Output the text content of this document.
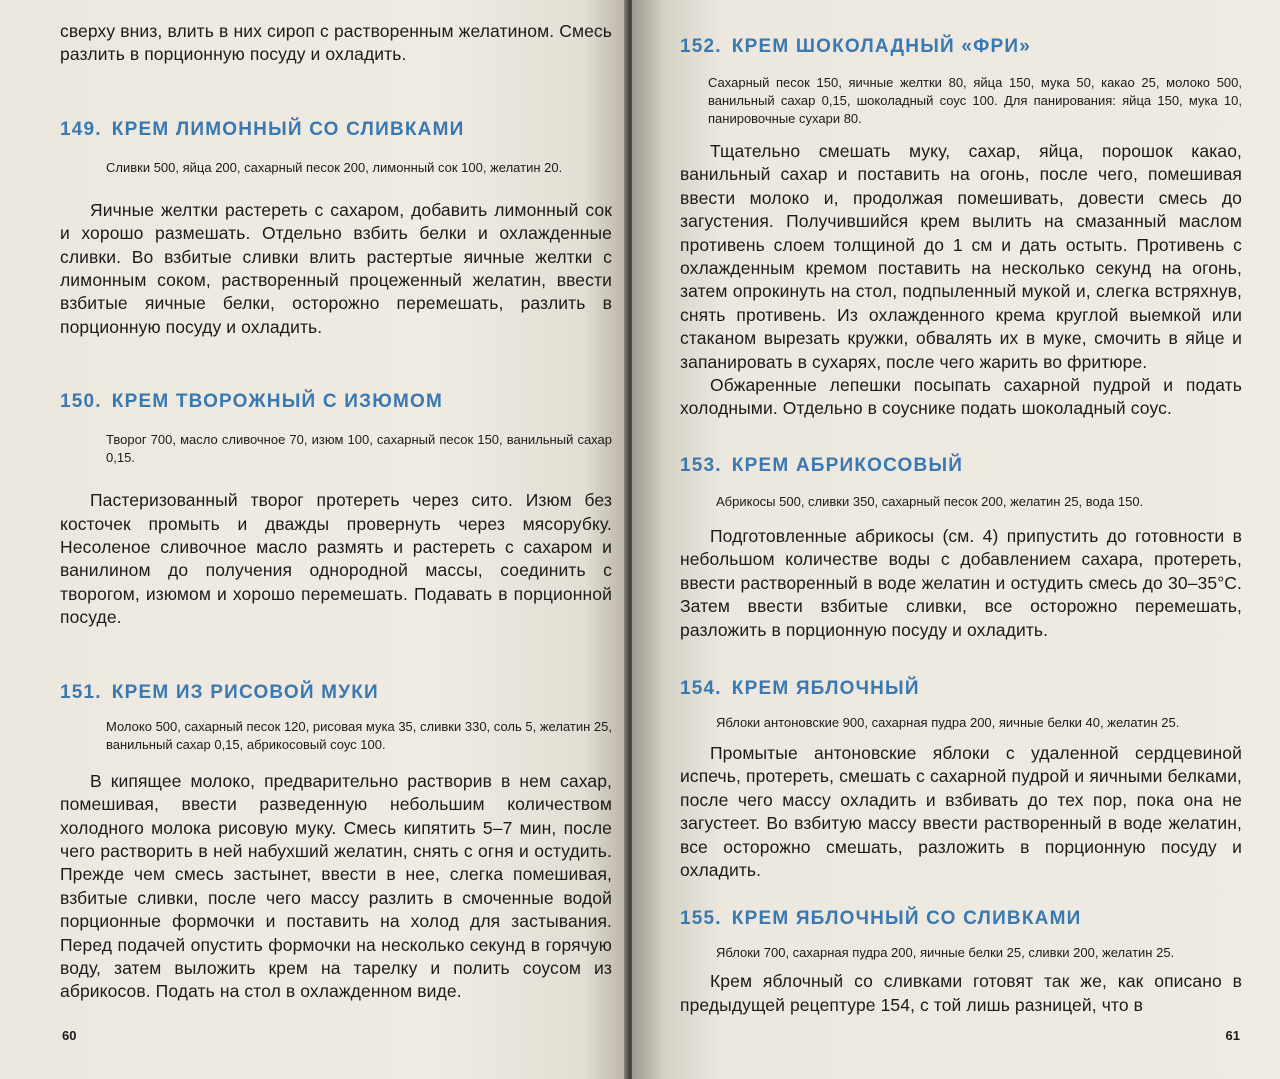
сверху вниз, влить в них сироп с растворенным желатином. Смесь разлить в порционную посуду и охладить.

149. КРЕМ ЛИМОННЫЙ СО СЛИВКАМИ

Сливки 500, яйца 200, сахарный песок 200, лимонный сок 100, желатин 20.

Яичные желтки растереть с сахаром, добавить лимонный сок и хорошо размешать. Отдельно взбить белки и охлажденные сливки. Во взбитые сливки влить растертые яичные желтки с лимонным соком, растворенный процеженный желатин, ввести взбитые яичные белки, осторожно перемешать, разлить в порционную посуду и охладить.

150. КРЕМ ТВОРОЖНЫЙ С ИЗЮМОМ

Творог 700, масло сливочное 70, изюм 100, сахарный песок 150, ванильный сахар 0,15.

Пастеризованный творог протереть через сито. Изюм без косточек промыть и дважды провернуть через мясорубку. Несоленое сливочное масло размять и растереть с сахаром и ванилином до получения однородной массы, соединить с творогом, изюмом и хорошо перемешать. Подавать в порционной посуде.

151. КРЕМ ИЗ РИСОВОЙ МУКИ

Молоко 500, сахарный песок 120, рисовая мука 35, сливки 330, соль 5, желатин 25, ванильный сахар 0,15, абрикосовый соус 100.

В кипящее молоко, предварительно растворив в нем сахар, помешивая, ввести разведенную небольшим количеством холодного молока рисовую муку. Смесь кипятить 5–7 мин, после чего растворить в ней набухший желатин, снять с огня и остудить. Прежде чем смесь застынет, ввести в нее, слегка помешивая, взбитые сливки, после чего массу разлить в смоченные водой порционные формочки и поставить на холод для застывания. Перед подачей опустить формочки на несколько секунд в горячую воду, затем выложить крем на тарелку и полить соусом из абрикосов. Подать на стол в охлажденном виде.

60
152. КРЕМ ШОКОЛАДНЫЙ «ФРИ»

Сахарный песок 150, яичные желтки 80, яйца 150, мука 50, какао 25, молоко 500, ванильный сахар 0,15, шоколадный соус 100. Для панирования: яйца 150, мука 10, панировочные сухари 80.

Тщательно смешать муку, сахар, яйца, порошок какао, ванильный сахар и поставить на огонь, после чего, помешивая ввести молоко и, продолжая помешивать, довести смесь до загустения. Получившийся крем вылить на смазанный маслом противень слоем толщиной до 1 см и дать остыть. Противень с охлажденным кремом поставить на несколько секунд на огонь, затем опрокинуть на стол, подпыленный мукой и, слегка встряхнув, снять противень. Из охлажденного крема круглой выемкой или стаканом вырезать кружки, обвалять их в муке, смочить в яйце и запанировать в сухарях, после чего жарить во фритюре.

Обжаренные лепешки посыпать сахарной пудрой и подать холодными. Отдельно в соуснике подать шоколадный соус.

153. КРЕМ АБРИКОСОВЫЙ

Абрикосы 500, сливки 350, сахарный песок 200, желатин 25, вода 150.

Подготовленные абрикосы (см. 4) припустить до готовности в небольшом количестве воды с добавлением сахара, протереть, ввести растворенный в воде желатин и остудить смесь до 30–35°С. Затем ввести взбитые сливки, все осторожно перемешать, разложить в порционную посуду и охладить.

154. КРЕМ ЯБЛОЧНЫЙ

Яблоки антоновские 900, сахарная пудра 200, яичные белки 40, желатин 25.

Промытые антоновские яблоки с удаленной сердцевиной испечь, протереть, смешать с сахарной пудрой и яичными белками, после чего массу охладить и взбивать до тех пор, пока она не загустеет. Во взбитую массу ввести растворенный в воде желатин, все осторожно смешать, разложить в порционную посуду и охладить.

155. КРЕМ ЯБЛОЧНЫЙ СО СЛИВКАМИ

Яблоки 700, сахарная пудра 200, яичные белки 25, сливки 200, желатин 25.

Крем яблочный со сливками готовят так же, как описано в предыдущей рецептуре 154, с той лишь разницей, что в

61
